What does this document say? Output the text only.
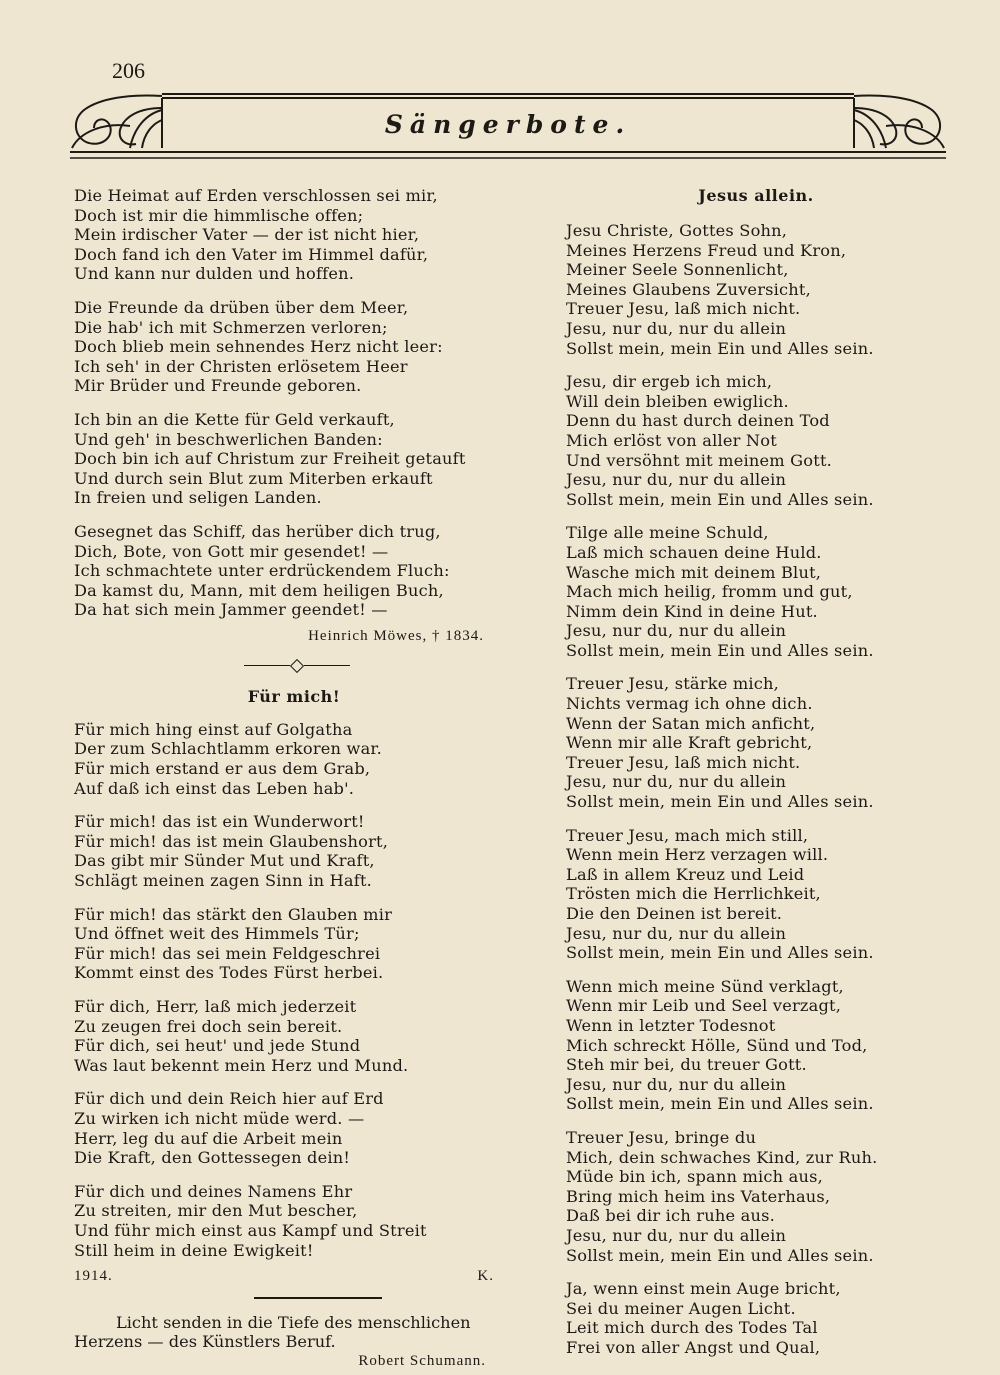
206
Sängerbote.
Die Heimat auf Erden verschlossen sei mir,
Doch ist mir die himmlische offen;
Mein irdischer Vater — der ist nicht hier,
Doch fand ich den Vater im Himmel dafür,
Und kann nur dulden und hoffen.
Die Freunde da drüben über dem Meer,
Die hab' ich mit Schmerzen verloren;
Doch blieb mein sehnendes Herz nicht leer:
Ich seh' in der Christen erlösetem Heer
Mir Brüder und Freunde geboren.
Ich bin an die Kette für Geld verkauft,
Und geh' in beschwerlichen Banden:
Doch bin ich auf Christum zur Freiheit getauft
Und durch sein Blut zum Miterben erkauft
In freien und seligen Landen.
Gesegnet das Schiff, das herüber dich trug,
Dich, Bote, von Gott mir gesendet! —
Ich schmachtete unter erdrückendem Fluch:
Da kamst du, Mann, mit dem heiligen Buch,
Da hat sich mein Jammer geendet! —
Heinrich Möwes, † 1834.
Für mich!
Für mich hing einst auf Golgatha
Der zum Schlachtlamm erkoren war.
Für mich erstand er aus dem Grab,
Auf daß ich einst das Leben hab'.
Für mich! das ist ein Wunderwort!
Für mich! das ist mein Glaubenshort,
Das gibt mir Sünder Mut und Kraft,
Schlägt meinen zagen Sinn in Haft.
Für mich! das stärkt den Glauben mir
Und öffnet weit des Himmels Tür;
Für mich! das sei mein Feldgeschrei
Kommt einst des Todes Fürst herbei.
Für dich, Herr, laß mich jederzeit
Zu zeugen frei doch sein bereit.
Für dich, sei heut' und jede Stund
Was laut bekennt mein Herz und Mund.
Für dich und dein Reich hier auf Erd
Zu wirken ich nicht müde werd. —
Herr, leg du auf die Arbeit mein
Die Kraft, den Gottessegen dein!
Für dich und deines Namens Ehr
Zu streiten, mir den Mut bescher,
Und führ mich einst aus Kampf und Streit
Still heim in deine Ewigkeit!
1914.	K.
Licht senden in die Tiefe des menschlichen
Herzens — des Künstlers Beruf.
Robert Schumann.
Jesus allein.
Jesu Christe, Gottes Sohn,
Meines Herzens Freud und Kron,
Meiner Seele Sonnenlicht,
Meines Glaubens Zuversicht,
Treuer Jesu, laß mich nicht.
Jesu, nur du, nur du allein
Sollst mein, mein Ein und Alles sein.
Jesu, dir ergeb ich mich,
Will dein bleiben ewiglich.
Denn du hast durch deinen Tod
Mich erlöst von aller Not
Und versöhnt mit meinem Gott.
Jesu, nur du, nur du allein
Sollst mein, mein Ein und Alles sein.
Tilge alle meine Schuld,
Laß mich schauen deine Huld.
Wasche mich mit deinem Blut,
Mach mich heilig, fromm und gut,
Nimm dein Kind in deine Hut.
Jesu, nur du, nur du allein
Sollst mein, mein Ein und Alles sein.
Treuer Jesu, stärke mich,
Nichts vermag ich ohne dich.
Wenn der Satan mich anficht,
Wenn mir alle Kraft gebricht,
Treuer Jesu, laß mich nicht.
Jesu, nur du, nur du allein
Sollst mein, mein Ein und Alles sein.
Treuer Jesu, mach mich still,
Wenn mein Herz verzagen will.
Laß in allem Kreuz und Leid
Trösten mich die Herrlichkeit,
Die den Deinen ist bereit.
Jesu, nur du, nur du allein
Sollst mein, mein Ein und Alles sein.
Wenn mich meine Sünd verklagt,
Wenn mir Leib und Seel verzagt,
Wenn in letzter Todesnot
Mich schreckt Hölle, Sünd und Tod,
Steh mir bei, du treuer Gott.
Jesu, nur du, nur du allein
Sollst mein, mein Ein und Alles sein.
Treuer Jesu, bringe du
Mich, dein schwaches Kind, zur Ruh.
Müde bin ich, spann mich aus,
Bring mich heim ins Vaterhaus,
Daß bei dir ich ruhe aus.
Jesu, nur du, nur du allein
Sollst mein, mein Ein und Alles sein.
Ja, wenn einst mein Auge bricht,
Sei du meiner Augen Licht.
Leit mich durch des Todes Tal
Frei von aller Angst und Qual,
